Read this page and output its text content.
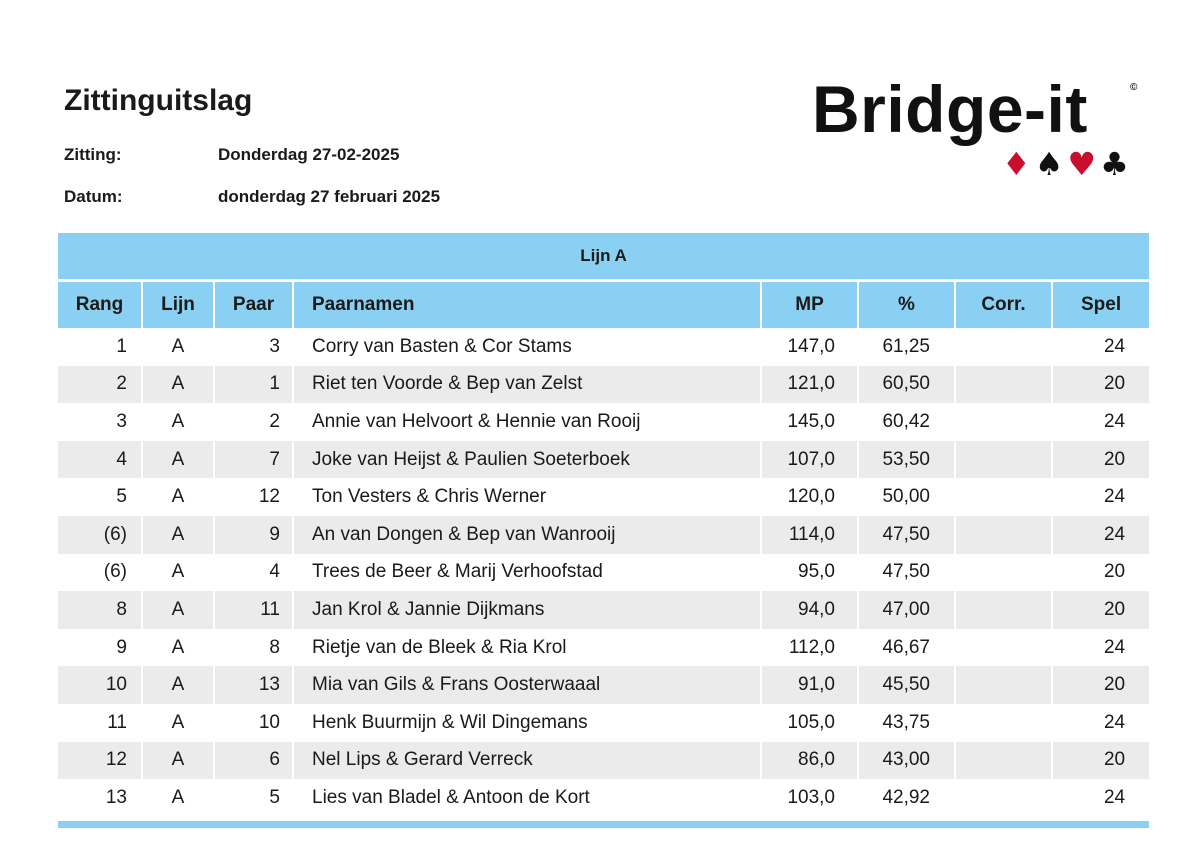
Zittinguitslag
Zitting:	Donderdag 27-02-2025
Datum:	donderdag 27 februari 2025
Bridge-it	©
♦ ♠ ♥ ♣
Lijn A							
Rang	Lijn	Paar	Paarnamen	MP	%	Corr.	Spel
1	A	3	Corry van Basten & Cor Stams	147,0	61,25		24
2	A	1	Riet ten Voorde & Bep van Zelst	121,0	60,50		20
3	A	2	Annie van Helvoort & Hennie van Rooij	145,0	60,42		24
4	A	7	Joke van Heijst & Paulien Soeterboek	107,0	53,50		20
5	A	12	Ton Vesters & Chris Werner	120,0	50,00		24
(6)	A	9	An van Dongen & Bep van Wanrooij	114,0	47,50		24
(6)	A	4	Trees de Beer & Marij Verhoofstad	95,0	47,50		20
8	A	11	Jan Krol & Jannie Dijkmans	94,0	47,00		20
9	A	8	Rietje van de Bleek & Ria Krol	112,0	46,67		24
10	A	13	Mia van Gils & Frans Oosterwaaal	91,0	45,50		20
11	A	10	Henk Buurmijn & Wil Dingemans	105,0	43,75		24
12	A	6	Nel Lips & Gerard Verreck	86,0	43,00		20
13	A	5	Lies van Bladel & Antoon de Kort	103,0	42,92		24
